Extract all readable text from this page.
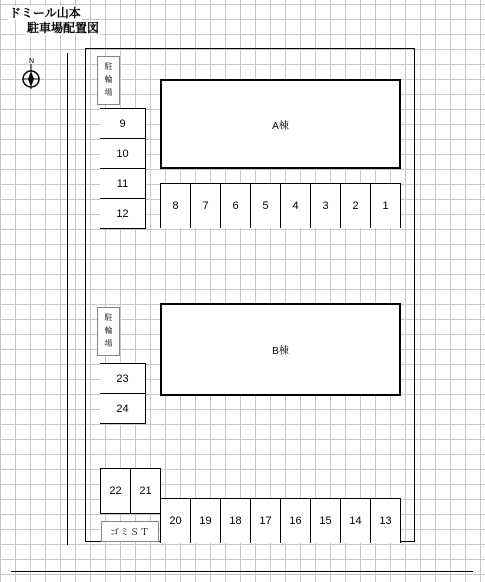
ドミール山本
駐車場配置図
N
A棟
B棟
駐
輪
場
駐
輪
場
ゴミＳＴ
8	7	6	5	4	3	2	1
9
10
11
12
23
24
22	21
20	19	18	17	16	15	14	13
